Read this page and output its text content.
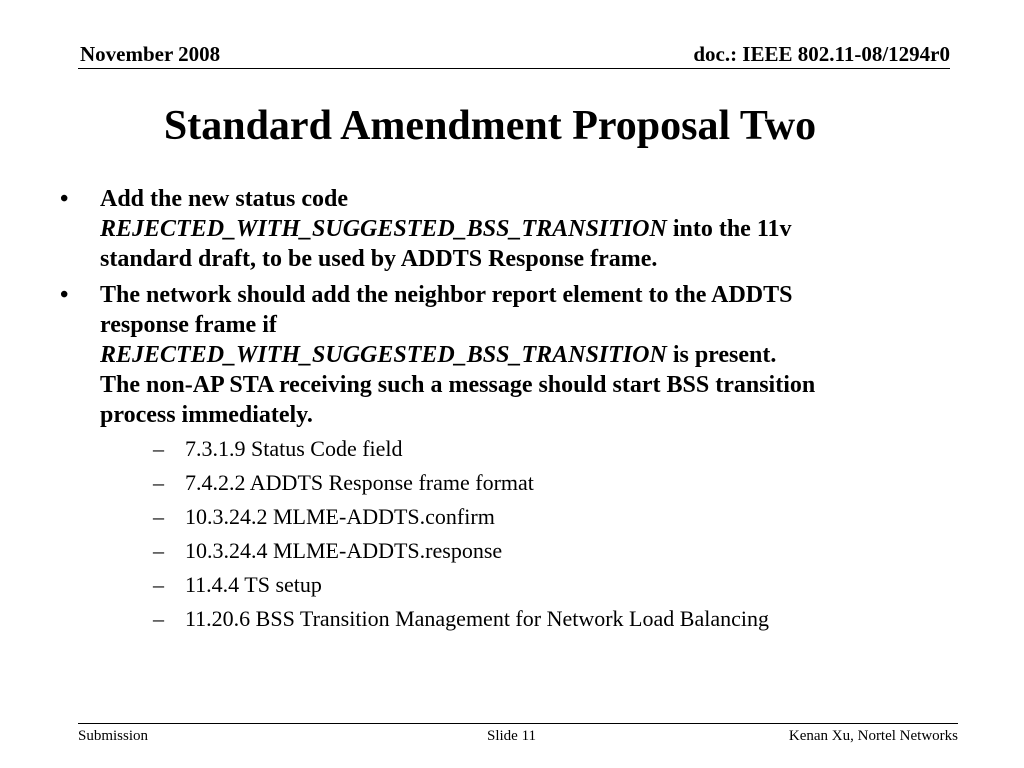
November 2008	doc.: IEEE 802.11-08/1294r0
Standard Amendment Proposal Two
•	Add the new status code
REJECTED_WITH_SUGGESTED_BSS_TRANSITION into the 11v
standard draft, to be used by ADDTS Response frame.
•	The network should add the neighbor report element to the ADDTS
response frame if
REJECTED_WITH_SUGGESTED_BSS_TRANSITION is present.
The non-AP STA receiving such a message should start BSS transition
process immediately.
– 7.3.1.9 Status Code field
– 7.4.2.2 ADDTS Response frame format
– 10.3.24.2 MLME-ADDTS.confirm
– 10.3.24.4 MLME-ADDTS.response
– 11.4.4 TS setup
– 11.20.6 BSS Transition Management for Network Load Balancing
Submission	Slide 11	Kenan Xu, Nortel Networks
